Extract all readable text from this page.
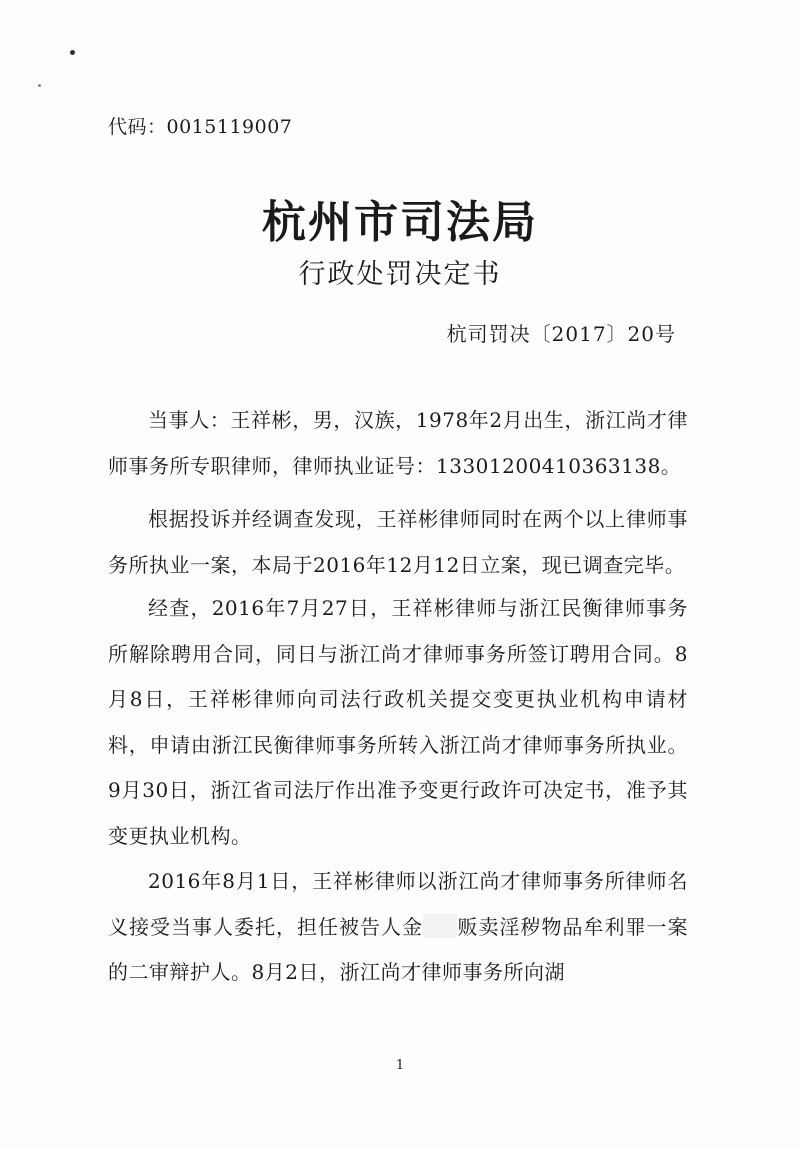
代码：0015119007
杭州市司法局
行政处罚决定书
杭司罚决〔2017〕20号

当事人：王祥彬，男，汉族，1978年2月出生，浙江尚才律师事务所专职律师，律师执业证号：13301200410363138。

根据投诉并经调查发现，王祥彬律师同时在两个以上律师事务所执业一案，本局于2016年12月12日立案，现已调查完毕。

经查，2016年7月27日，王祥彬律师与浙江民衡律师事务所解除聘用合同，同日与浙江尚才律师事务所签订聘用合同。8月8日，王祥彬律师向司法行政机关提交变更执业机构申请材料，申请由浙江民衡律师事务所转入浙江尚才律师事务所执业。9月30日，浙江省司法厅作出准予变更行政许可决定书，准予其变更执业机构。

2016年8月1日，王祥彬律师以浙江尚才律师事务所律师名义接受当事人委托，担任被告人金 贩卖淫秽物品牟利罪一案的二审辩护人。8月2日，浙江尚才律师事务所向湖

1
